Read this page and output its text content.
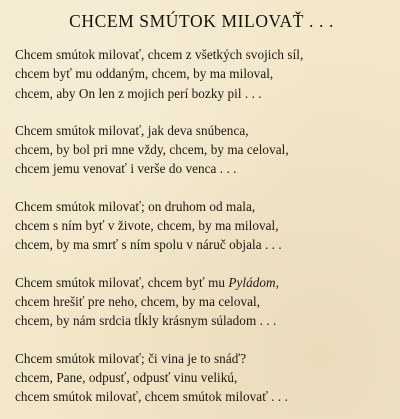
CHCEM SMÚTOK MILOVAŤ . . .
Chcem smútok milovať, chcem z všetkých svojich síl,
chcem byť mu oddaným, chcem, by ma miloval,
chcem, aby On len z mojich perí bozky pil . . .
Chcem smútok milovať, jak deva snúbenca,
chcem, by bol pri mne vždy, chcem, by ma celoval,
chcem jemu venovať i verše do venca . . .
Chcem smútok milovať; on druhom od mala,
chcem s ním byť v živote, chcem, by ma miloval,
chcem, by ma smrť s ním spolu v náruč objala . . .
Chcem smútok milovať, chcem byť mu Pyládom,
chcem hrešiť pre neho, chcem, by ma celoval,
chcem, by nám srdcia tĺkly krásnym súladom . . .
Chcem smútok milovať; či vina je to snáď?
chcem, Pane, odpusť, odpusť vinu velikú,
chcem smútok milovať, chcem smútok milovať . . .
